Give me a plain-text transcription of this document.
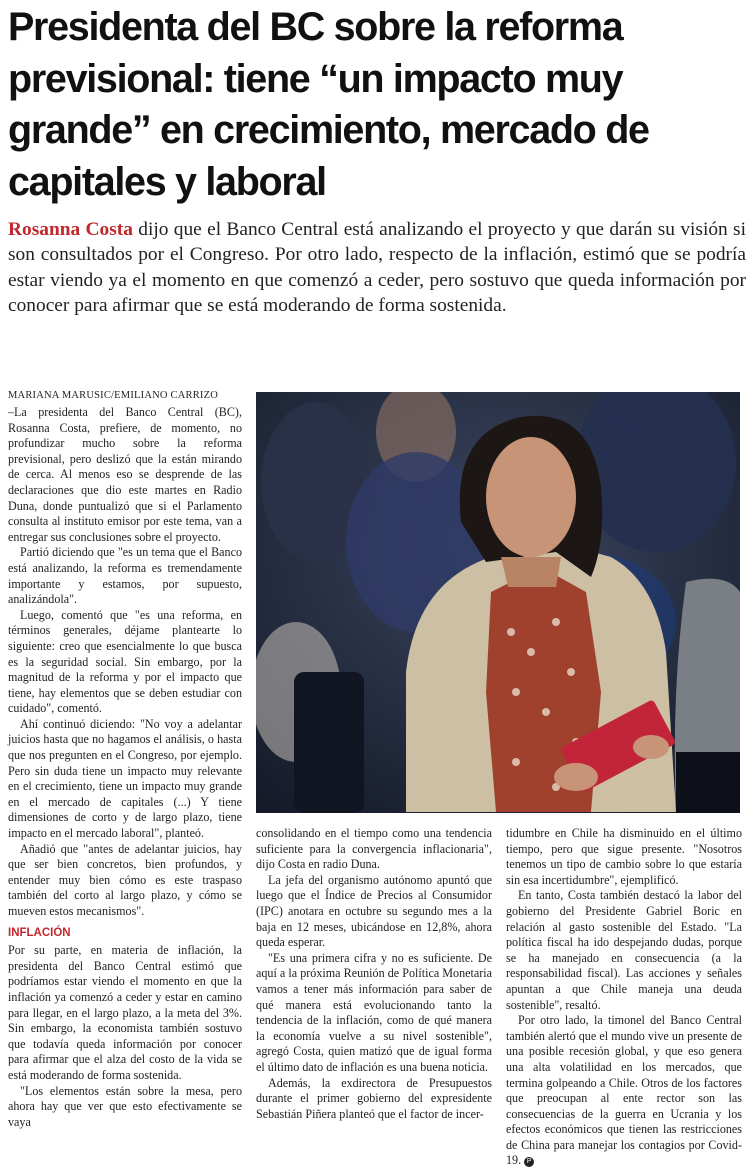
Presidenta del BC sobre la reforma previsional: tiene “un impacto muy grande” en crecimiento, mercado de capitales y laboral

Rosanna Costa dijo que el Banco Central está analizando el proyecto y que darán su visión si son consultados por el Congreso. Por otro lado, respecto de la inflación, estimó que se podría estar viendo ya el momento en que comenzó a ceder, pero sostuvo que queda información por conocer para afirmar que se está moderando de forma sostenida.

MARIANA MARUSIC/EMILIANO CARRIZO

–La presidenta del Banco Central (BC), Rosanna Costa, prefiere, de momento, no profundizar mucho sobre la reforma previsional, pero deslizó que la están mirando de cerca. Al menos eso se desprende de las declaraciones que dio este martes en Radio Duna, donde puntualizó que si el Parlamento consulta al instituto emisor por este tema, van a entregar sus conclusiones sobre el proyecto.

Partió diciendo que "es un tema que el Banco está analizando, la reforma es tremendamente importante y estamos, por supuesto, analizándola".

Luego, comentó que "es una reforma, en términos generales, déjame plantearte lo siguiente: creo que esencialmente lo que busca es la seguridad social. Sin embargo, por la magnitud de la reforma y por el impacto que tiene, hay elementos que se deben estudiar con cuidado", comentó.

Ahí continuó diciendo: "No voy a adelantar juicios hasta que no hagamos el análisis, o hasta que nos pregunten en el Congreso, por ejemplo. Pero sin duda tiene un impacto muy relevante en el crecimiento, tiene un impacto muy grande en el mercado de capitales (...) Y tiene dimensiones de corto y de largo plazo, tiene impacto en el mercado laboral", planteó.

Añadió que "antes de adelantar juicios, hay que ser bien concretos, bien profundos, y entender muy bien cómo es este traspaso también del corto al largo plazo, y cómo se mueven estos mecanismos".

INFLACIÓN

Por su parte, en materia de inflación, la presidenta del Banco Central estimó que podríamos estar viendo el momento en que la inflación ya comenzó a ceder y estar en camino para llegar, en el largo plazo, a la meta del 3%. Sin embargo, la economista también sostuvo que todavía queda información por conocer para afirmar que el alza del costo de la vida se está moderando de forma sostenida.

"Los elementos están sobre la mesa, pero ahora hay que ver que esto efectivamente se vaya

consolidando en el tiempo como una tendencia suficiente para la convergencia inflacionaria", dijo Costa en radio Duna.

La jefa del organismo autónomo apuntó que luego que el Índice de Precios al Consumidor (IPC) anotara en octubre su segundo mes a la baja en 12 meses, ubicándose en 12,8%, ahora queda esperar.

"Es una primera cifra y no es suficiente. De aquí a la próxima Reunión de Política Monetaria vamos a tener más información para saber de qué manera está evolucionando tanto la tendencia de la inflación, como de qué manera la economía vuelve a su nivel sostenible", agregó Costa, quien matizó que de igual forma el último dato de inflación es una buena noticia.

Además, la exdirectora de Presupuestos durante el primer gobierno del expresidente Sebastián Piñera planteó que el factor de incer-

tidumbre en Chile ha disminuido en el último tiempo, pero que sigue presente. "Nosotros tenemos un tipo de cambio sobre lo que estaría sin esa incertidumbre", ejemplificó.

En tanto, Costa también destacó la labor del gobierno del Presidente Gabriel Boric en relación al gasto sostenible del Estado. "La política fiscal ha ido despejando dudas, porque se ha manejado en consecuencia (a la responsabilidad fiscal). Las acciones y señales apuntan a que Chile maneja una deuda sostenible", resaltó.

Por otro lado, la timonel del Banco Central también alertó que el mundo vive un presente de una posible recesión global, y que eso genera una alta volatilidad en los mercados, que termina golpeando a Chile. Otros de los factores que preocupan al ente rector son las consecuencias de la guerra en Ucrania y los efectos económicos que tienen las restricciones de China para manejar los contagios por Covid-19. P
